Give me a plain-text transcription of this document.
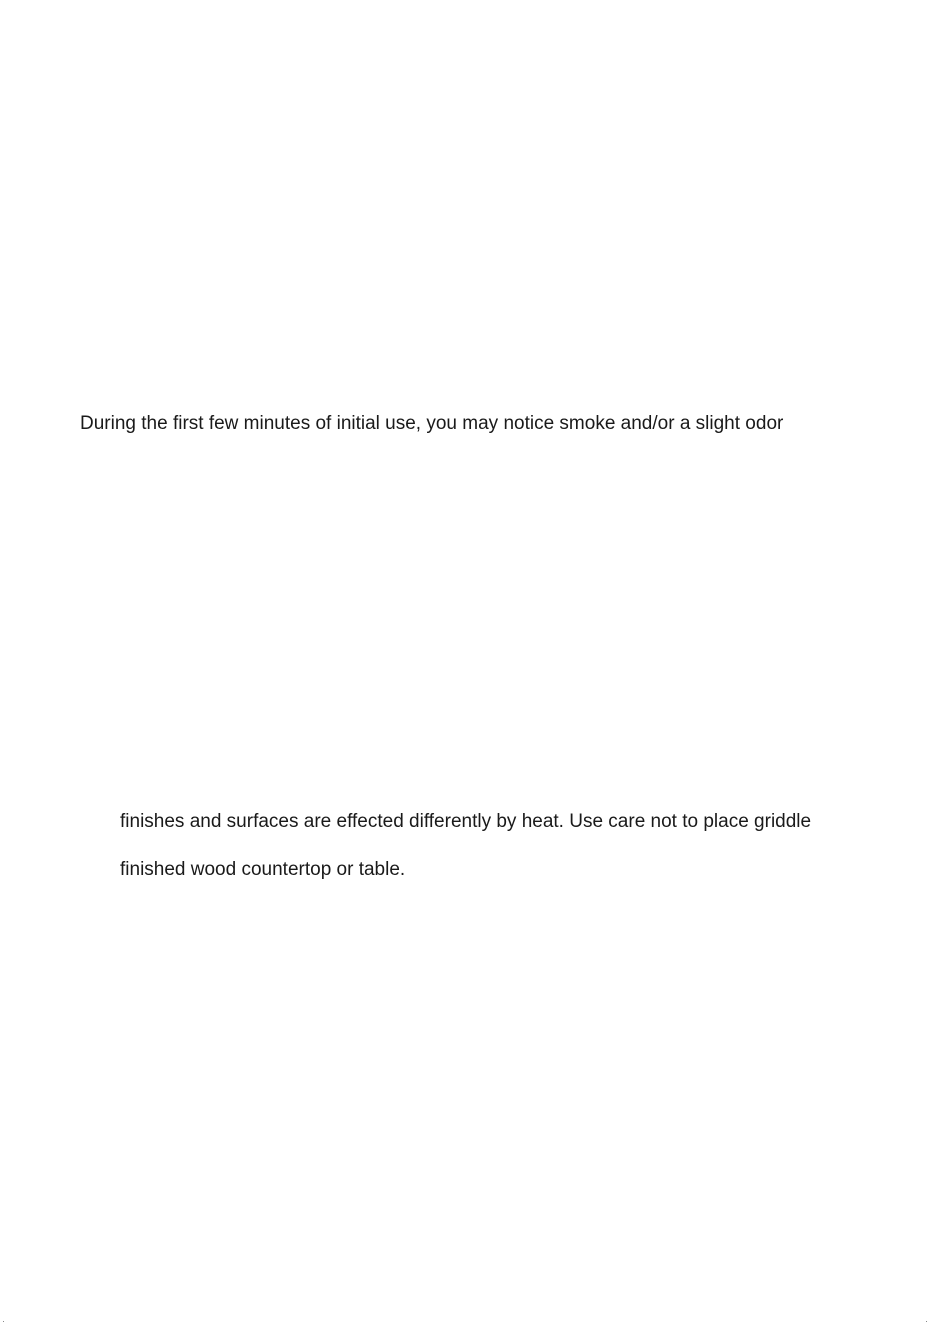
During the first few minutes of initial use, you may notice smoke and/or a slight odor
finishes and surfaces are effected differently by heat. Use care not to place griddle
finished wood countertop or table.
